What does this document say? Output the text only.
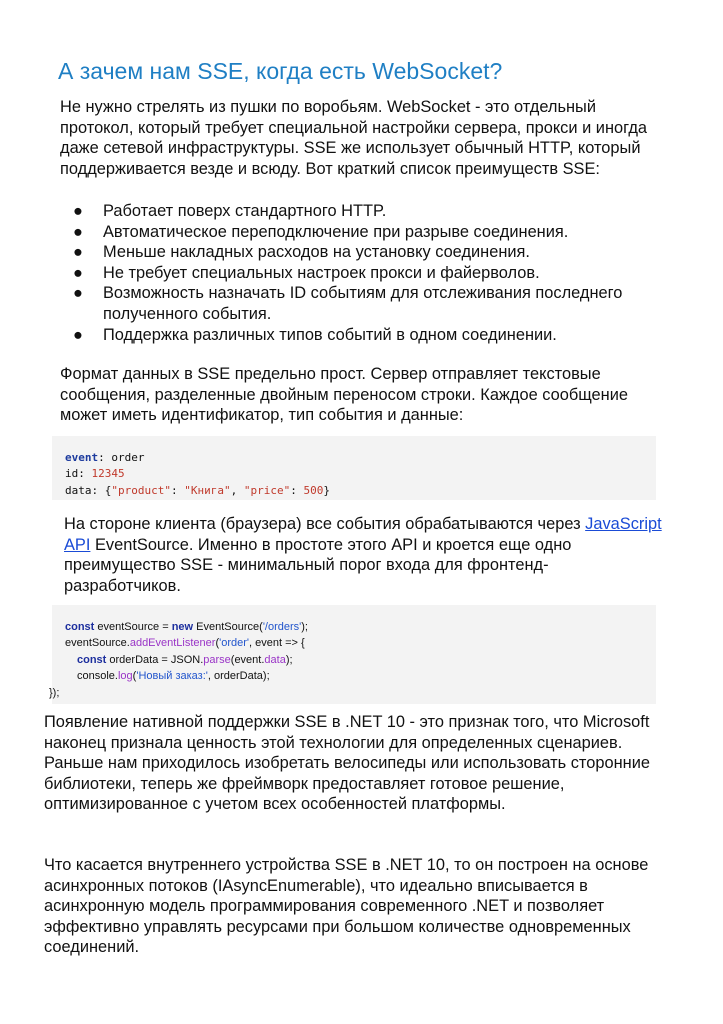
А зачем нам SSE, когда есть WebSocket?

Не нужно стрелять из пушки по воробьям. WebSocket - это отдельный протокол, который требует специальной настройки сервера, прокси и иногда даже сетевой инфраструктуры. SSE же использует обычный HTTP, который поддерживается везде и всюду. Вот краткий список преимуществ SSE:

● Работает поверх стандартного HTTP.
● Автоматическое переподключение при разрыве соединения.
● Меньше накладных расходов на установку соединения.
● Не требует специальных настроек прокси и файерволов.
● Возможность назначать ID событиям для отслеживания последнего полученного события.
● Поддержка различных типов событий в одном соединении.

Формат данных в SSE предельно прост. Сервер отправляет текстовые сообщения, разделенные двойным переносом строки. Каждое сообщение может иметь идентификатор, тип события и данные:

event: order
id: 12345
data: {"product": "Книга", "price": 500}

На стороне клиента (браузера) все события обрабатываются через JavaScript API EventSource. Именно в простоте этого API и кроется еще одно преимущество SSE - минимальный порог входа для фронтенд-разработчиков.

const eventSource = new EventSource('/orders');
eventSource.addEventListener('order', event => {
const orderData = JSON.parse(event.data);
console.log('Новый заказ:', orderData);
});

Появление нативной поддержки SSE в .NET 10 - это признак того, что Microsoft наконец признала ценность этой технологии для определенных сценариев. Раньше нам приходилось изобретать велосипеды или использовать сторонние библиотеки, теперь же фреймворк предоставляет готовое решение, оптимизированное с учетом всех особенностей платформы.

Что касается внутреннего устройства SSE в .NET 10, то он построен на основе асинхронных потоков (IAsyncEnumerable), что идеально вписывается в асинхронную модель программирования современного .NET и позволяет эффективно управлять ресурсами при большом количестве одновременных соединений.
